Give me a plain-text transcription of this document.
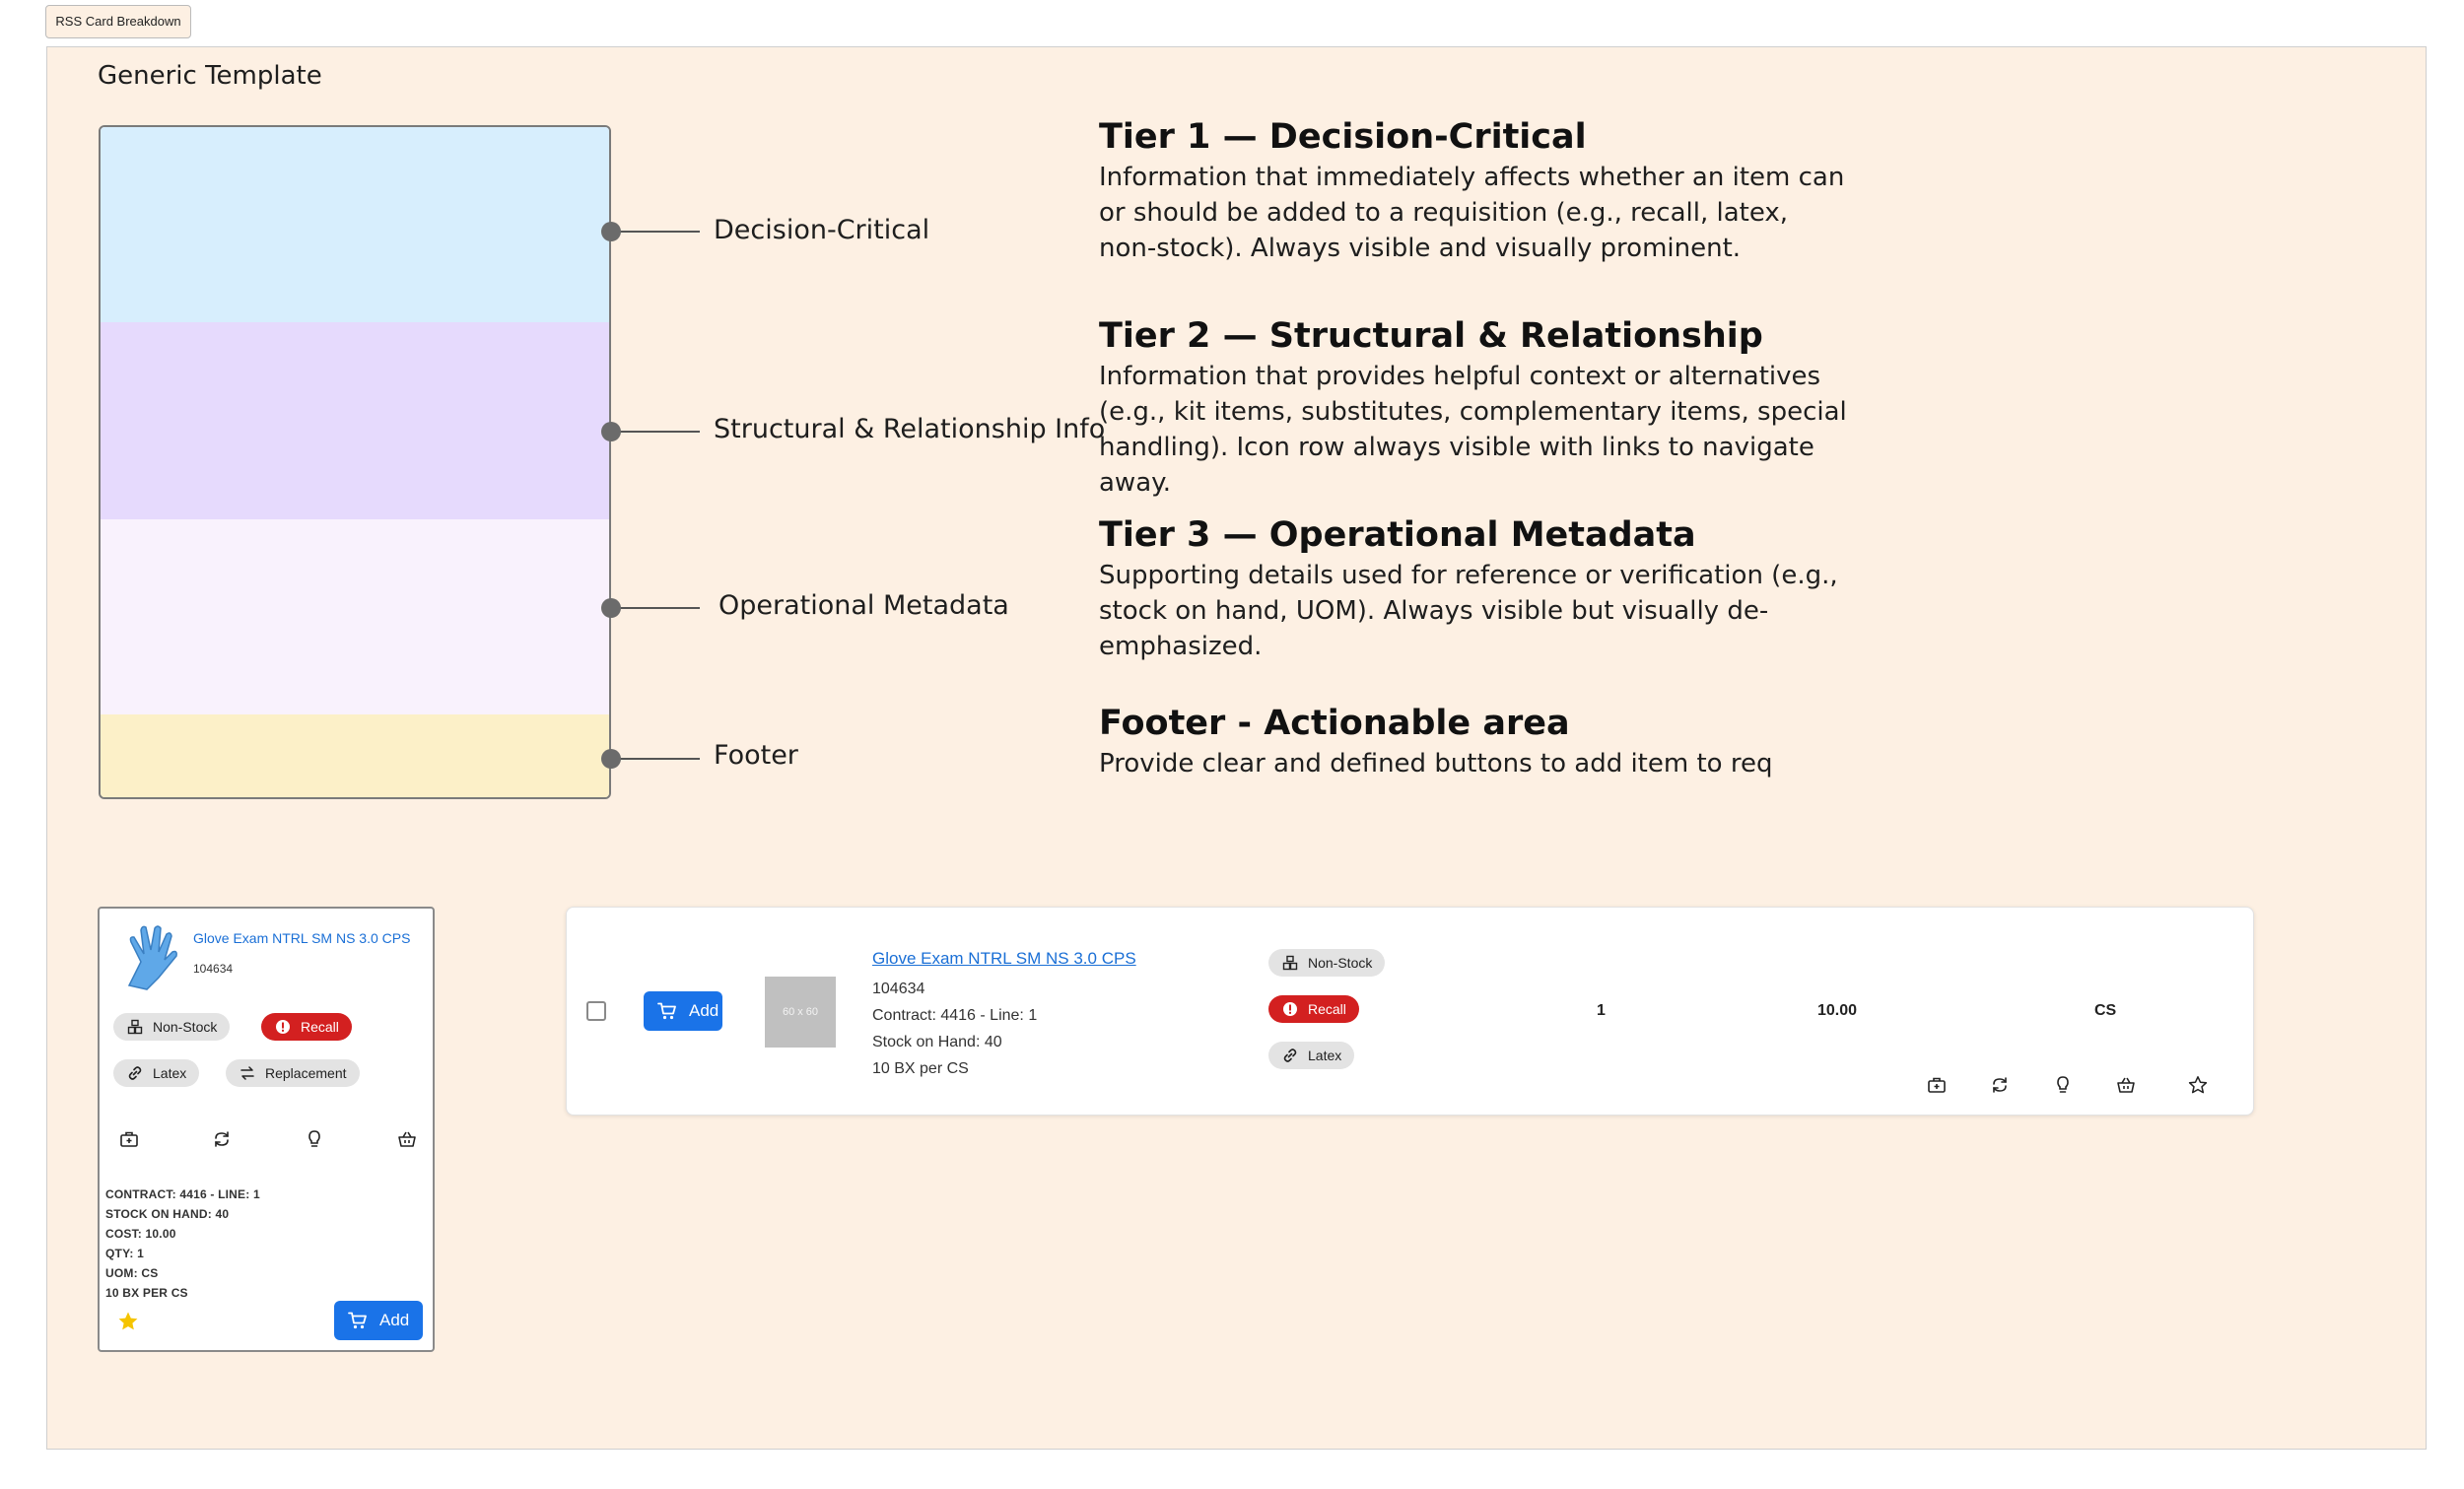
RSS Card Breakdown
Generic Template
Decision-Critical
Structural & Relationship Info
Operational Metadata
Footer
Tier 1 — Decision-Critical
Information that immediately affects whether an item can or should be added to a requisition (e.g., recall, latex, non-stock). Always visible and visually prominent.
Tier 2 — Structural & Relationship
Information that provides helpful context or alternatives (e.g., kit items, substitutes, complementary items, special handling). Icon row always visible with links to navigate away.
Tier 3 — Operational Metadata
Supporting details used for reference or verification (e.g., stock on hand, UOM). Always visible but visually de-emphasized.
Footer - Actionable area
Provide clear and defined buttons to add item to req
Glove Exam NTRL SM NS 3.0 CPS
104634
Non-Stock	Recall
Latex	Replacement
CONTRACT: 4416 - LINE: 1
STOCK ON HAND: 40
COST: 10.00
QTY: 1
UOM: CS
10 BX PER CS
Add
Add	60 x 60
Glove Exam NTRL SM NS 3.0 CPS
104634
Contract: 4416 - Line: 1
Stock on Hand: 40
10 BX per CS
Non-Stock
Recall
Latex
1	10.00	CS
